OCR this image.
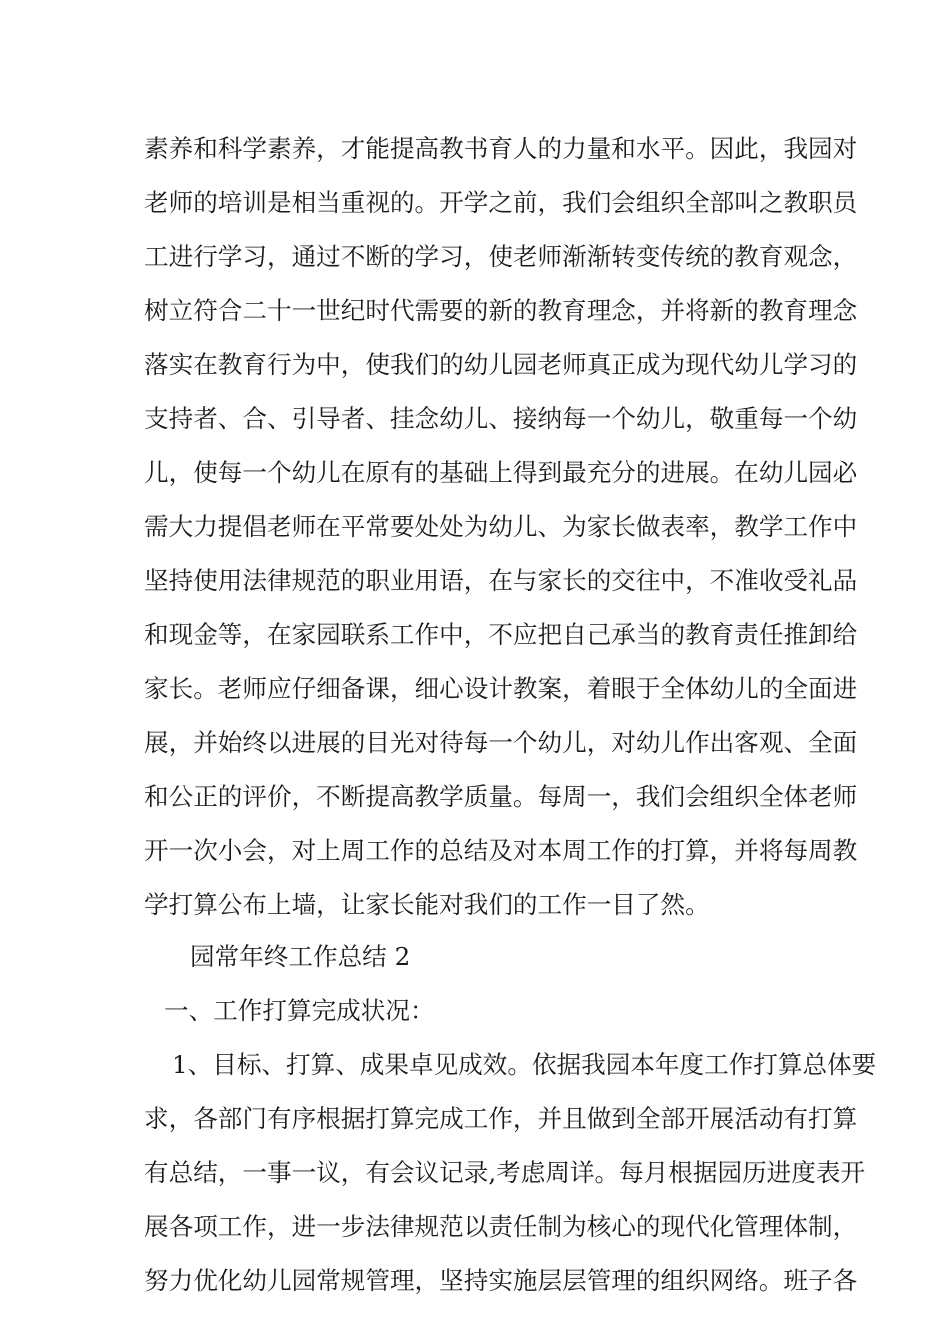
素养和科学素养，才能提高教书育人的力量和水平。因此，我园对
老师的培训是相当重视的。开学之前，我们会组织全部叫之教职员
工进行学习，通过不断的学习，使老师渐渐转变传统的教育观念，
树立符合二十一世纪时代需要的新的教育理念，并将新的教育理念
落实在教育行为中，使我们的幼儿园老师真正成为现代幼儿学习的
支持者、合、引导者、挂念幼儿、接纳每一个幼儿，敬重每一个幼
儿，使每一个幼儿在原有的基础上得到最充分的进展。在幼儿园必
需大力提倡老师在平常要处处为幼儿、为家长做表率，教学工作中
坚持使用法律规范的职业用语，在与家长的交往中，不准收受礼品
和现金等，在家园联系工作中，不应把自己承当的教育责任推卸给
家长。老师应仔细备课，细心设计教案，着眼于全体幼儿的全面进
展，并始终以进展的目光对待每一个幼儿，对幼儿作出客观、全面
和公正的评价，不断提高教学质量。每周一，我们会组织全体老师
开一次小会，对上周工作的总结及对本周工作的打算，并将每周教
学打算公布上墙，让家长能对我们的工作一目了然。
园常年终工作总结 2
一、工作打算完成状况：
1、目标、打算、成果卓见成效。依据我园本年度工作打算总体要
求，各部门有序根据打算完成工作，并且做到全部开展活动有打算
有总结，一事一议，有会议记录,考虑周详。每月根据园历进度表开
展各项工作，进一步法律规范以责任制为核心的现代化管理体制，
努力优化幼儿园常规管理，坚持实施层层管理的组织网络。班子各
